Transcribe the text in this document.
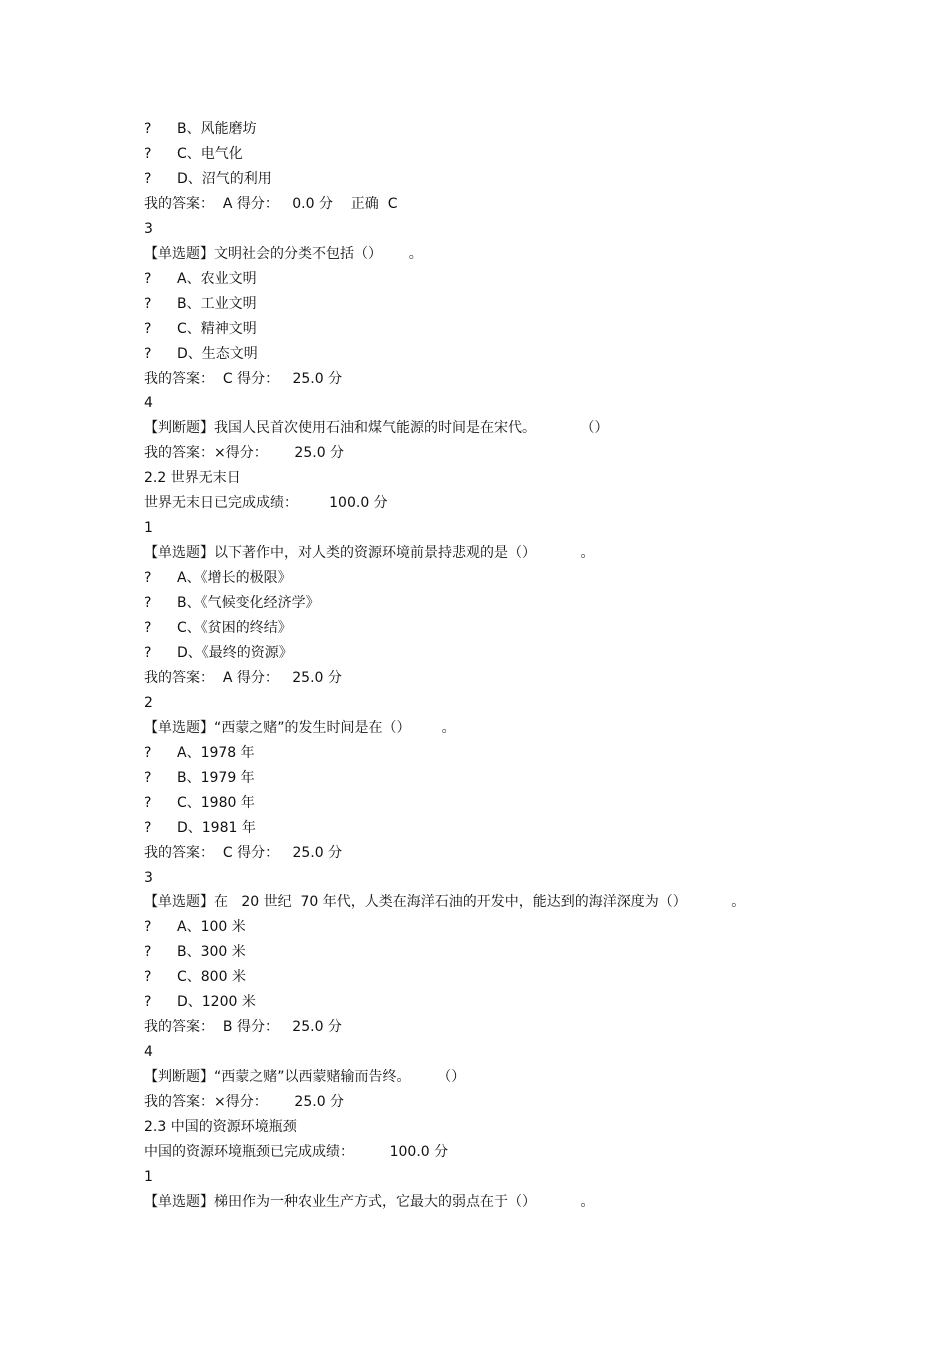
? B、风能磨坊
? C、电气化
? D、沼气的利用
我的答案：  A 得分：   0.0 分    正确  C
3
【单选题】文明社会的分类不包括（）      。
? A、农业文明
? B、工业文明
? C、精神文明
? D、生态文明
我的答案：  C 得分：   25.0 分
4
【判断题】我国人民首次使用石油和煤气能源的时间是在宋代。          （）
我的答案：×得分：      25.0 分
2.2 世界无末日
世界无末日已完成成绩：       100.0 分
1
【单选题】以下著作中，对人类的资源环境前景持悲观的是（）          。
? A、《增长的极限》
? B、《气候变化经济学》
? C、《贫困的终结》
? D、《最终的资源》
我的答案：  A 得分：   25.0 分
2
【单选题】“西蒙之赌”的发生时间是在（）       。
? A、1978 年
? B、1979 年
? C、1980 年
? D、1981 年
我的答案：  C 得分：   25.0 分
3
【单选题】在   20 世纪  70 年代，人类在海洋石油的开发中，能达到的海洋深度为（）          。
? A、100 米
? B、300 米
? C、800 米
? D、1200 米
我的答案：  B 得分：   25.0 分
4
【判断题】“西蒙之赌”以西蒙赌输而告终。      （）
我的答案：×得分：      25.0 分
2.3 中国的资源环境瓶颈
中国的资源环境瓶颈已完成成绩：        100.0 分
1
【单选题】梯田作为一种农业生产方式，它最大的弱点在于（）          。
